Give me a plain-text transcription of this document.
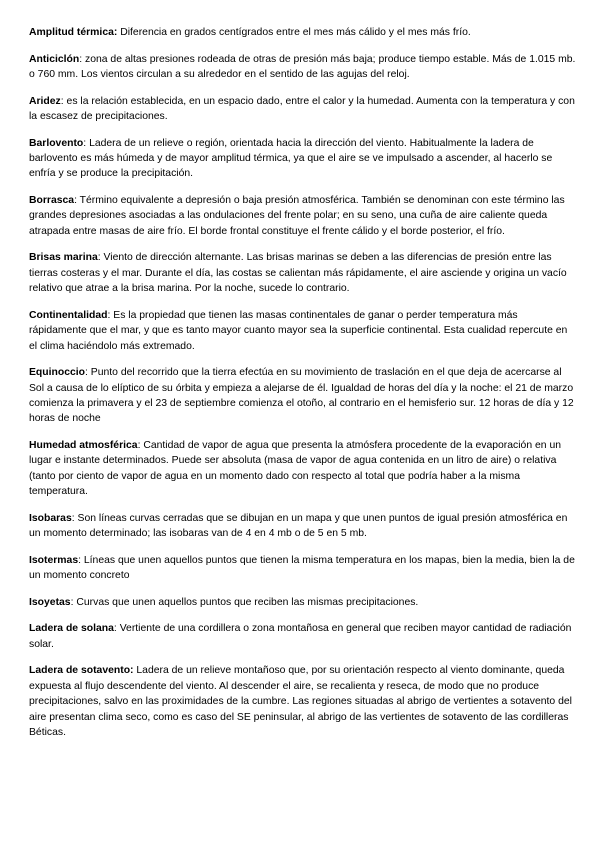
Amplitud térmica: Diferencia en grados centígrados entre el mes más cálido y el mes más frío.

Anticiclón: zona de altas presiones rodeada de otras de presión más baja; produce tiempo estable. Más de 1.015 mb. o 760 mm. Los vientos circulan a su alrededor en el sentido de las agujas del reloj.

Aridez: es la relación establecida, en un espacio dado, entre el calor y la humedad. Aumenta con la temperatura y con la escasez de precipitaciones.

Barlovento: Ladera de un relieve o región, orientada hacia la dirección del viento. Habitualmente la ladera de barlovento es más húmeda y de mayor amplitud térmica, ya que el aire se ve impulsado a ascender, al hacerlo se enfría y se produce la precipitación.

Borrasca: Término equivalente a depresión o baja presión atmosférica. También se denominan con este término las grandes depresiones asociadas a las ondulaciones del frente polar; en su seno, una cuña de aire caliente queda atrapada entre masas de aire frío. El borde frontal constituye el frente cálido y el borde posterior, el frío.

Brisas marina: Viento de dirección alternante. Las brisas marinas se deben a las diferencias de presión entre las tierras costeras y el mar. Durante el día, las costas se calientan más rápidamente, el aire asciende y origina un vacío relativo que atrae a la brisa marina. Por la noche, sucede lo contrario.

Continentalidad: Es la propiedad que tienen las masas continentales de ganar o perder temperatura más rápidamente que el mar, y que es tanto mayor cuanto mayor sea la superficie continental. Esta cualidad repercute en el clima haciéndolo más extremado.

Equinoccio: Punto del recorrido que la tierra efectúa en su movimiento de traslación en el que deja de acercarse al Sol a causa de lo elíptico de su órbita y empieza a alejarse de él. Igualdad de horas del día y la noche: el 21 de marzo comienza la primavera y el 23 de septiembre comienza el otoño, al contrario en el hemisferio sur. 12 horas de día y 12 horas de noche

Humedad atmosférica: Cantidad de vapor de agua que presenta la atmósfera procedente de la evaporación en un lugar e instante determinados. Puede ser absoluta (masa de vapor de agua contenida en un litro de aire) o relativa (tanto por ciento de vapor de agua en un momento dado con respecto al total que podría haber a la misma temperatura.

Isobaras: Son líneas curvas cerradas que se dibujan en un mapa y que unen puntos de igual presión atmosférica en un momento determinado; las isobaras van de 4 en 4 mb o de 5 en 5 mb.

Isotermas: Líneas que unen aquellos puntos que tienen la misma temperatura en los mapas, bien la media, bien la de un momento concreto

Isoyetas: Curvas que unen aquellos puntos que reciben las mismas precipitaciones.

Ladera de solana: Vertiente de una cordillera o zona montañosa en general que reciben mayor cantidad de radiación solar.

Ladera de sotavento: Ladera de un relieve montañoso que, por su orientación respecto al viento dominante, queda expuesta al flujo descendente del viento. Al descender el aire, se recalienta y reseca, de modo que no produce precipitaciones, salvo en las proximidades de la cumbre. Las regiones situadas al abrigo de vertientes a sotavento del aire presentan clima seco, como es caso del SE peninsular, al abrigo de las vertientes de sotavento de las cordilleras Béticas.
